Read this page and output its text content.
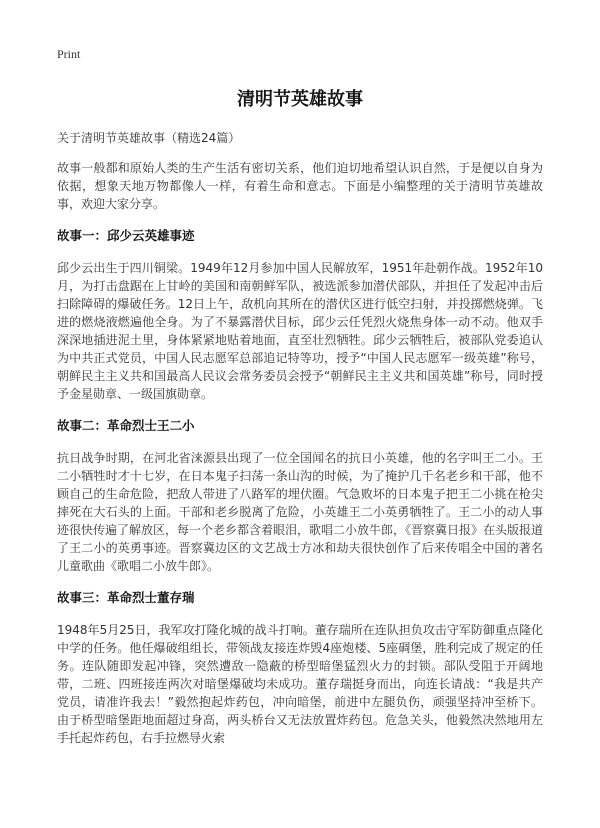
Print

清明节英雄故事

关于清明节英雄故事（精选24篇）

故事一般都和原始人类的生产生活有密切关系，他们迫切地希望认识自然，于是便以自身为依据，想象天地万物都像人一样，有着生命和意志。下面是小编整理的关于清明节英雄故事，欢迎大家分享。

故事一：邱少云英雄事迹

邱少云出生于四川铜梁。1949年12月参加中国人民解放军，1951年赴朝作战。1952年10月，为打击盘踞在上甘岭的美国和南朝鲜军队，被选派参加潜伏部队，并担任了发起冲击后扫除障碍的爆破任务。12日上午，敌机向其所在的潜伏区进行低空扫射，并投掷燃烧弹。飞进的燃烧液燃遍他全身。为了不暴露潜伏目标，邱少云任凭烈火烧焦身体一动不动。他双手深深地插进泥土里，身体紧紧地贴着地面，直至壮烈牺牲。邱少云牺牲后，被部队党委追认为中共正式党员，中国人民志愿军总部追记特等功，授予“中国人民志愿军一级英雄”称号，朝鲜民主主义共和国最高人民议会常务委员会授予“朝鲜民主主义共和国英雄”称号，同时授予金星勋章、一级国旗勋章。

故事二：革命烈士王二小

抗日战争时期，在河北省涞源县出现了一位全国闻名的抗日小英雄，他的名字叫王二小。王二小牺牲时才十七岁，在日本鬼子扫荡一条山沟的时候，为了掩护几千名老乡和干部，他不顾自己的生命危险，把敌人带进了八路军的埋伏圈。气急败坏的日本鬼子把王二小挑在枪尖摔死在大石头的上面。干部和老乡脱离了危险，小英雄王二小英勇牺牲了。王二小的动人事迹很快传遍了解放区，每一个老乡都含着眼泪，歌唱二小放牛郎，《晋察冀日报》在头版报道了王二小的英勇事迹。晋察冀边区的文艺战士方冰和劫夫很快创作了后来传唱全中国的著名儿童歌曲《歌唱二小放牛郎》。

故事三：革命烈士董存瑞

1948年5月25日，我军攻打隆化城的战斗打响。董存瑞所在连队担负攻击守军防御重点隆化中学的任务。他任爆破组组长，带领战友接连炸毁4座炮楼、5座碉堡，胜利完成了规定的任务。连队随即发起冲锋，突然遭敌一隐蔽的桥型暗堡猛烈火力的封锁。部队受阻于开阔地带，二班、四班接连两次对暗堡爆破均未成功。董存瑞挺身而出，向连长请战：“我是共产党员，请准许我去！”毅然抱起炸药包，冲向暗堡，前进中左腿负伤，顽强坚持冲至桥下。由于桥型暗堡距地面超过身高，两头桥台又无法放置炸药包。危急关头，他毅然决然地用左手托起炸药包，右手拉燃导火索
